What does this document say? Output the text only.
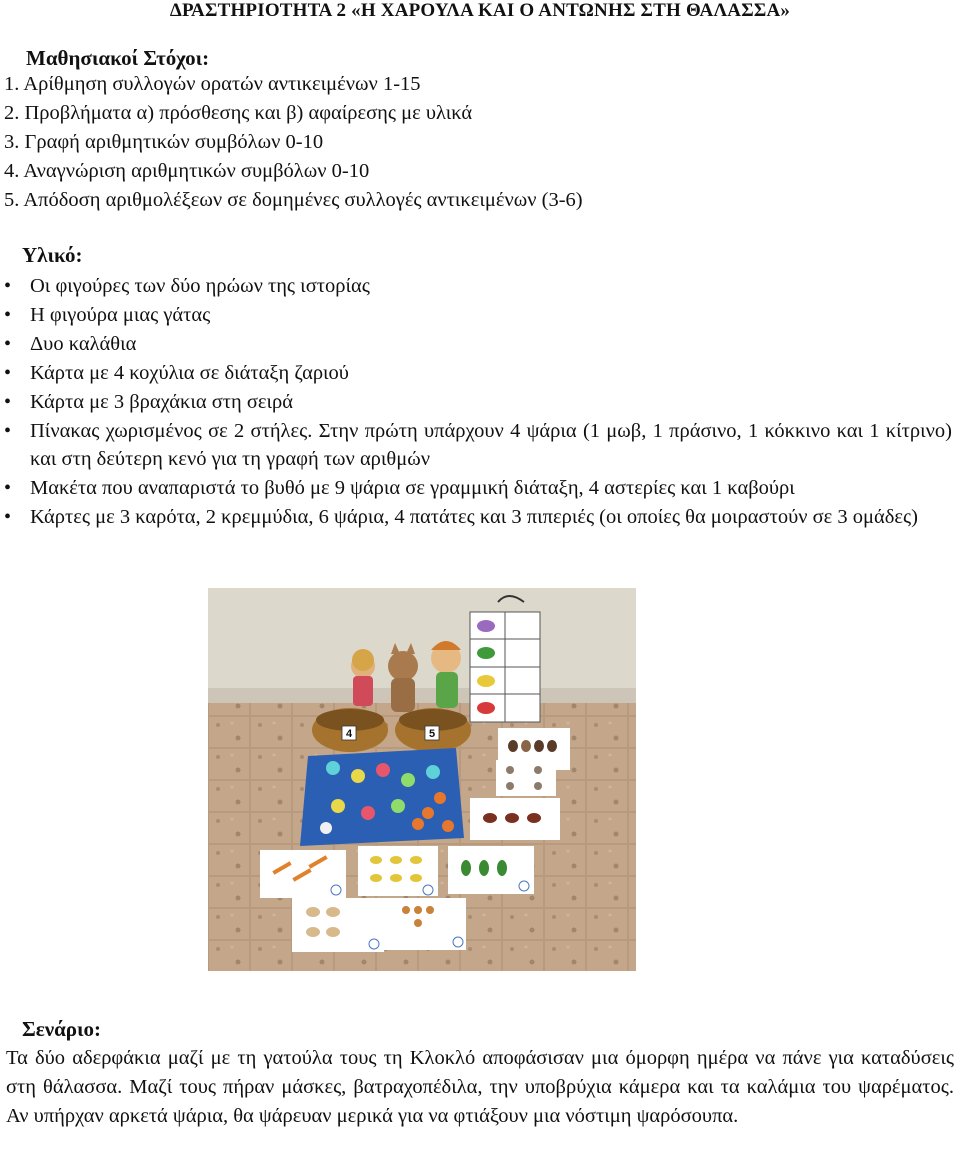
ΔΡΑΣΤΗΡΙΟΤΗΤΑ 2 «Η ΧΑΡΟΥΛΑ ΚΑΙ Ο ΑΝΤΩΝΗΣ ΣΤΗ ΘΑΛΑΣΣΑ»
Μαθησιακοί Στόχοι:
1. Αρίθμηση συλλογών ορατών αντικειμένων 1-15
2. Προβλήματα α) πρόσθεσης και β) αφαίρεσης με υλικά
3. Γραφή αριθμητικών συμβόλων 0-10
4. Αναγνώριση αριθμητικών συμβόλων 0-10
5. Απόδοση αριθμολέξεων σε δομημένες συλλογές αντικειμένων (3-6)
Υλικό:
• Οι φιγούρες των δύο ηρώων της ιστορίας
• Η φιγούρα μιας γάτας
• Δυο καλάθια
• Κάρτα με 4 κοχύλια σε διάταξη ζαριού
• Κάρτα με 3 βραχάκια στη σειρά
• Πίνακας χωρισμένος σε 2 στήλες. Στην πρώτη υπάρχουν 4 ψάρια (1 μωβ, 1 πράσινο, 1 κόκκινο και 1 κίτρινο) και στη δεύτερη κενό για τη γραφή των αριθμών
• Μακέτα που αναπαριστά το βυθό με 9 ψάρια σε γραμμική διάταξη, 4 αστερίες και 1 καβούρι
• Κάρτες με 3 καρότα, 2 κρεμμύδια, 6 ψάρια, 4 πατάτες και 3 πιπεριές (οι οποίες θα μοιραστούν σε 3 ομάδες)
4	5
Σενάριο:
Τα δύο αδερφάκια μαζί με τη γατούλα τους τη Κλοκλό αποφάσισαν μια όμορφη ημέρα να πάνε για καταδύσεις στη θάλασσα. Μαζί τους πήραν μάσκες, βατραχοπέδιλα, την υποβρύχια κάμερα και τα καλάμια του ψαρέματος. Αν υπήρχαν αρκετά ψάρια, θα ψάρευαν μερικά για να φτιάξουν μια νόστιμη ψαρόσουπα.
